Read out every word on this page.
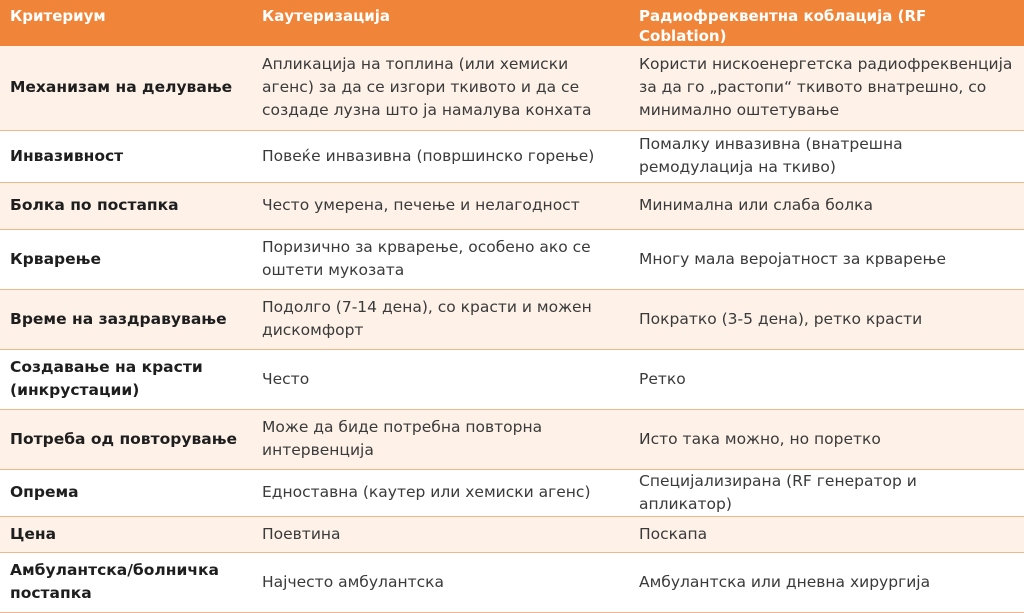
Критериум	Каутеризација	Радиофреквентна коблација (RF Coblation)
Механизам на делување	Апликација на топлина (или хемиски агенс) за да се изгори ткивото и да се создаде лузна што ја намалува конхата	Користи нискоенергетска радиофреквенција за да го „растопи“ ткивото внатрешно, со минимално оштетување
Инвазивност	Повеќе инвазивна (површинско горење)	Помалку инвазивна (внатрешна ремодулација на ткиво)
Болка по постапка	Често умерена, печење и нелагодност	Минимална или слаба болка
Крварење	Поризично за крварење, особено ако се оштети мукозата	Многу мала веројатност за крварење
Време на заздравување	Подолго (7-14 дена), со красти и можен дискомфорт	Пократко (3-5 дена), ретко красти
Создавање на красти (инкрустации)	Често	Ретко
Потреба од повторување	Може да биде потребна повторна интервенција	Исто така можно, но поретко
Опрема	Едноставна (каутер или хемиски агенс)	Специјализирана (RF генератор и апликатор)
Цена	Поевтина	Поскапа
Амбулантска/болничка постапка	Најчесто амбулантска	Амбулантска или дневна хирургија
